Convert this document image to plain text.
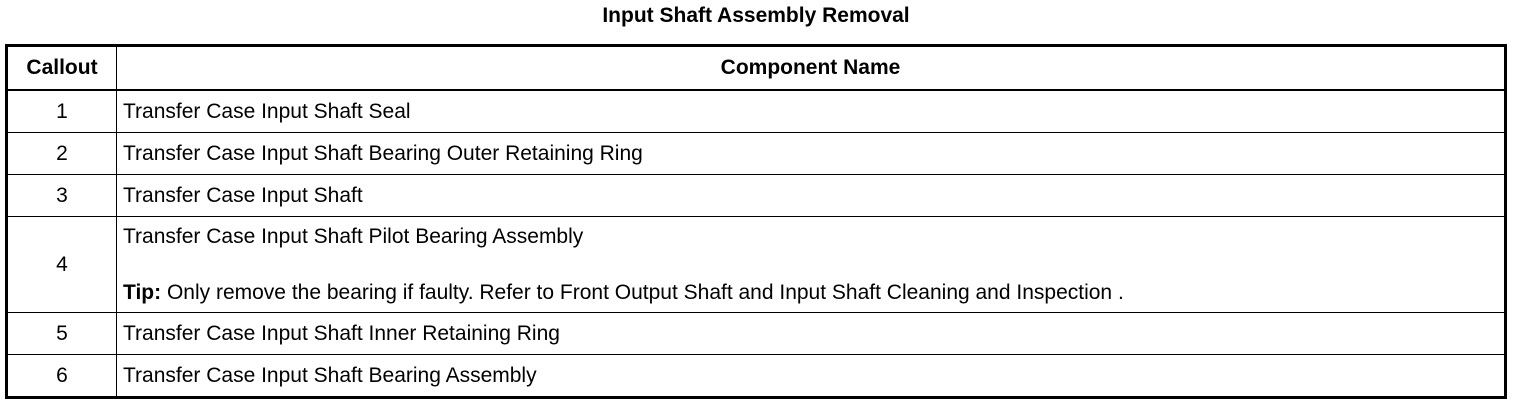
Input Shaft Assembly Removal
Callout	Component Name
1	Transfer Case Input Shaft Seal
2	Transfer Case Input Shaft Bearing Outer Retaining Ring
3	Transfer Case Input Shaft
4	Transfer Case Input Shaft Pilot Bearing Assembly
Tip: Only remove the bearing if faulty. Refer to Front Output Shaft and Input Shaft Cleaning and Inspection .

5	Transfer Case Input Shaft Inner Retaining Ring
6	Transfer Case Input Shaft Bearing Assembly
